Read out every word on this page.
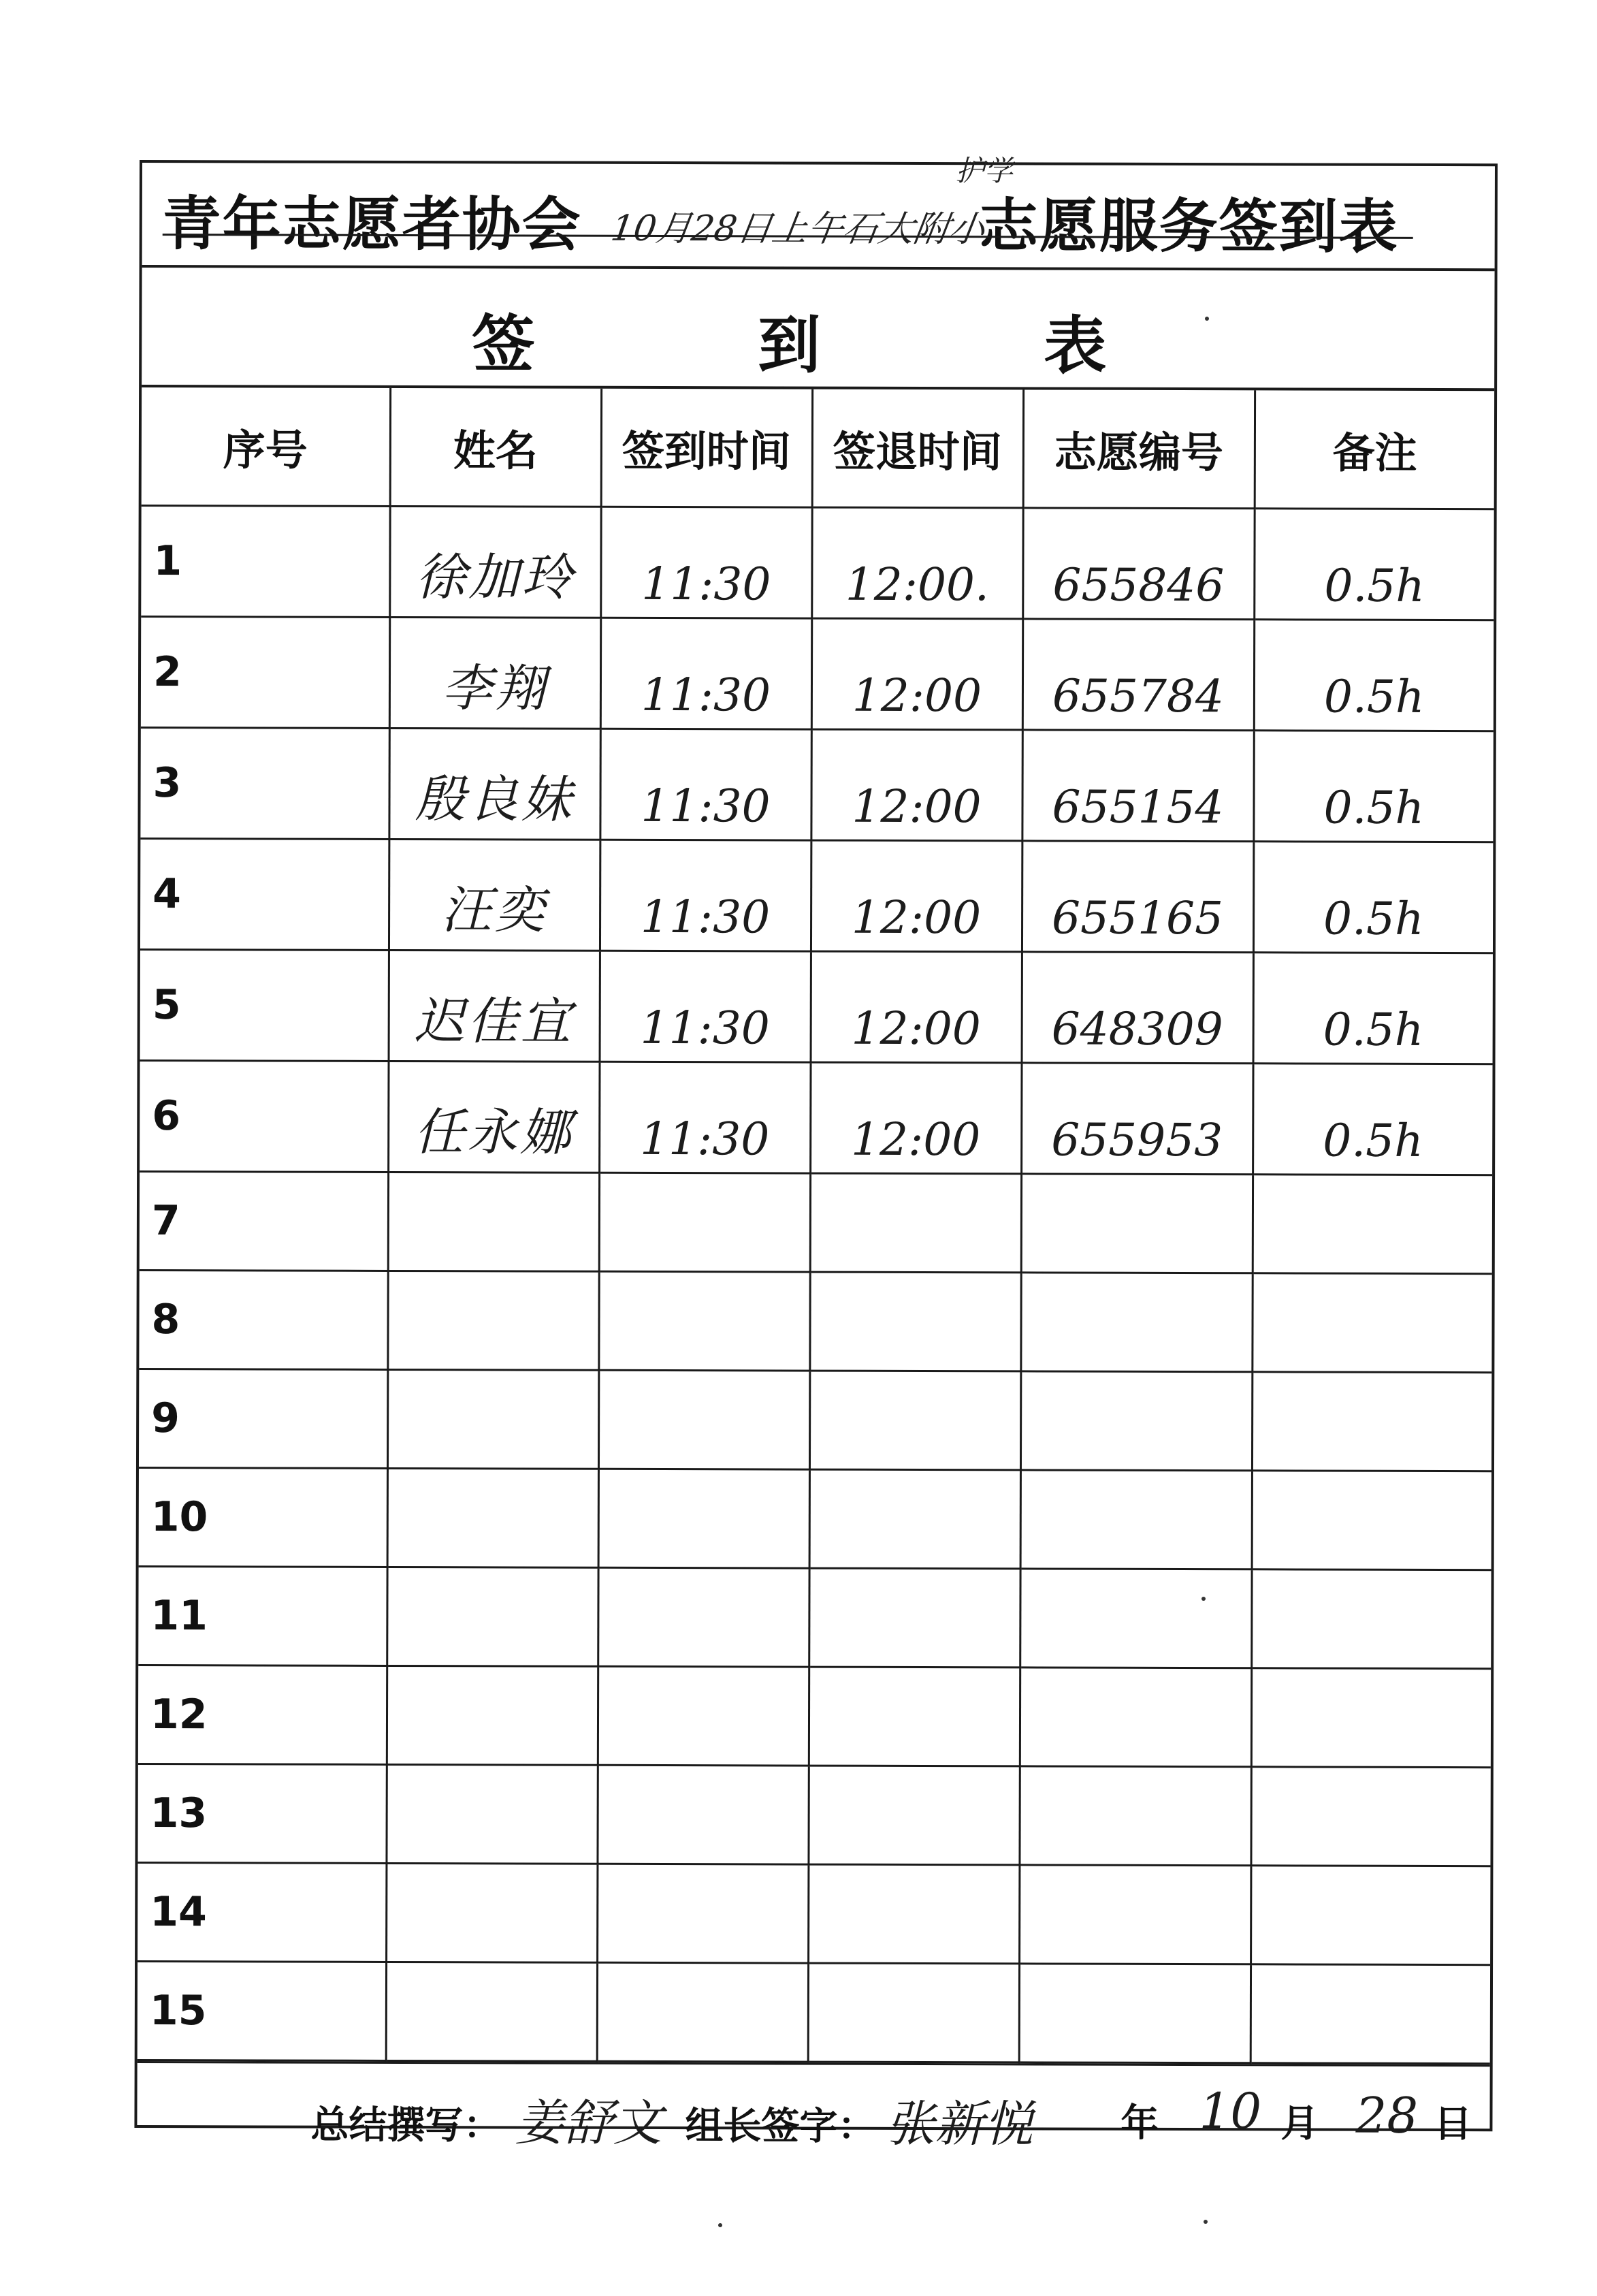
青年志愿者协会 10月28日上午石大附小
护学
志愿服务签到表
签	到	表
序号	姓名	签到时间	签退时间	志愿编号	备注
1	徐加玲	11:30	12:00.	655846	0.5h
2	李翔	11:30	12:00	655784	0.5h
3	殷良妹	11:30	12:00	655154	0.5h
4	汪奕	11:30	12:00	655165	0.5h
5	迟佳宜	11:30	12:00	648309	0.5h
6	任永娜	11:30	12:00	655953	0.5h
7					
8					
9					
10					
11					
12					
13					
14					
15					
总结撰写： 姜舒文 组长签字： 张新悦 年 10 月 28 日
